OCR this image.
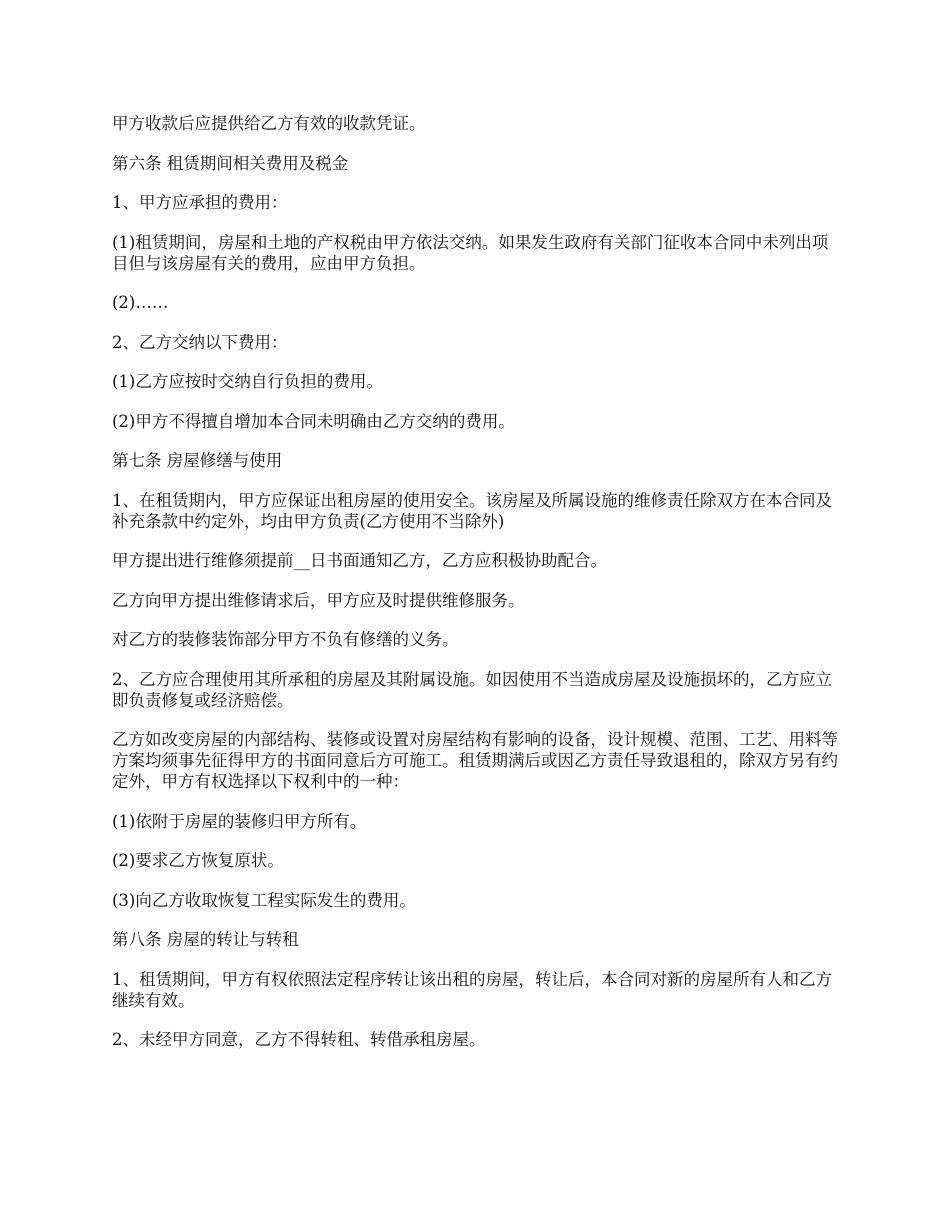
甲方收款后应提供给乙方有效的收款凭证。

第六条 租赁期间相关费用及税金

1、甲方应承担的费用：

(1)租赁期间，房屋和土地的产权税由甲方依法交纳。如果发生政府有关部门征收本合同中未列出项目但与该房屋有关的费用，应由甲方负担。

(2)……

2、乙方交纳以下费用：

(1)乙方应按时交纳自行负担的费用。

(2)甲方不得擅自增加本合同未明确由乙方交纳的费用。

第七条 房屋修缮与使用

1、在租赁期内，甲方应保证出租房屋的使用安全。该房屋及所属设施的维修责任除双方在本合同及补充条款中约定外，均由甲方负责(乙方使用不当除外)

甲方提出进行维修须提前__日书面通知乙方，乙方应积极协助配合。

乙方向甲方提出维修请求后，甲方应及时提供维修服务。

对乙方的装修装饰部分甲方不负有修缮的义务。

2、乙方应合理使用其所承租的房屋及其附属设施。如因使用不当造成房屋及设施损坏的，乙方应立即负责修复或经济赔偿。

乙方如改变房屋的内部结构、装修或设置对房屋结构有影响的设备，设计规模、范围、工艺、用料等方案均须事先征得甲方的书面同意后方可施工。租赁期满后或因乙方责任导致退租的，除双方另有约定外，甲方有权选择以下权利中的一种：

(1)依附于房屋的装修归甲方所有。

(2)要求乙方恢复原状。

(3)向乙方收取恢复工程实际发生的费用。

第八条 房屋的转让与转租

1、租赁期间，甲方有权依照法定程序转让该出租的房屋，转让后，本合同对新的房屋所有人和乙方继续有效。

2、未经甲方同意，乙方不得转租、转借承租房屋。
